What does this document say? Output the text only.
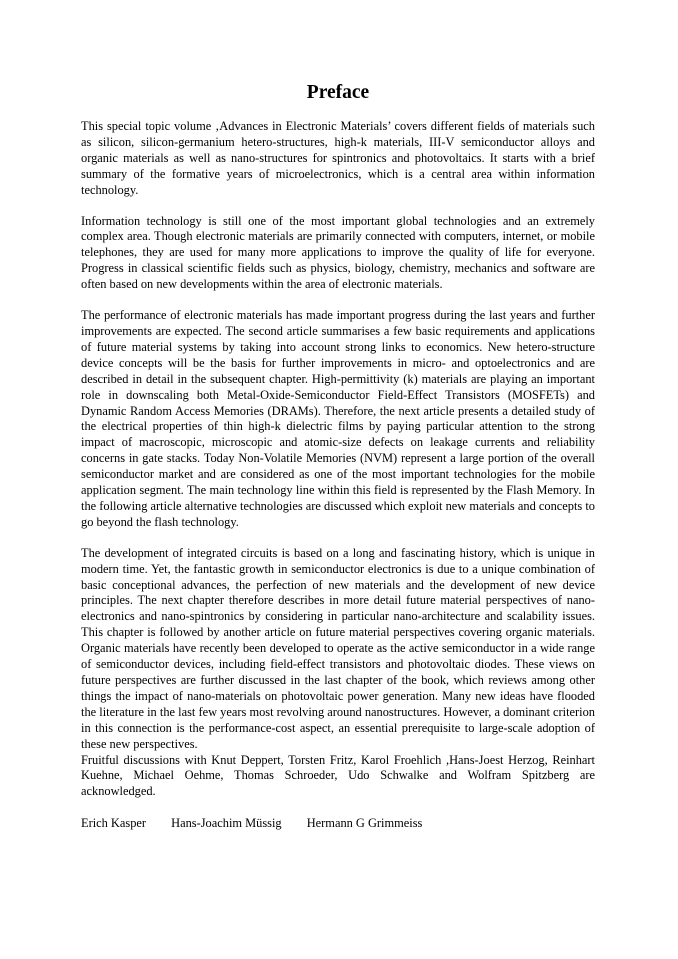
Preface

This special topic volume ‚Advances in Electronic Materials’ covers different fields of materials such as silicon, silicon-germanium hetero-structures, high-k materials, III-V semiconductor alloys and organic materials as well as nano-structures for spintronics and photovoltaics. It starts with a brief summary of the formative years of microelectronics, which is a central area within information technology.

Information technology is still one of the most important global technologies and an extremely complex area. Though electronic materials are primarily connected with computers, internet, or mobile telephones, they are used for many more applications to improve the quality of life for everyone. Progress in classical scientific fields such as physics, biology, chemistry, mechanics and software are often based on new developments within the area of electronic materials.

The performance of electronic materials has made important progress during the last years and further improvements are expected. The second article summarises a few basic requirements and applications of future material systems by taking into account strong links to economics. New hetero-structure device concepts will be the basis for further improvements in micro- and optoelectronics and are described in detail in the subsequent chapter. High-permittivity (k) materials are playing an important role in downscaling both Metal-Oxide-Semiconductor Field-Effect Transistors (MOSFETs) and Dynamic Random Access Memories (DRAMs). Therefore, the next article presents a detailed study of the electrical properties of thin high-k dielectric films by paying particular attention to the strong impact of macroscopic, microscopic and atomic-size defects on leakage currents and reliability concerns in gate stacks. Today Non-Volatile Memories (NVM) represent a large portion of the overall semiconductor market and are considered as one of the most important technologies for the mobile application segment. The main technology line within this field is represented by the Flash Memory. In the following article alternative technologies are discussed which exploit new materials and concepts to go beyond the flash technology.

The development of integrated circuits is based on a long and fascinating history, which is unique in modern time. Yet, the fantastic growth in semiconductor electronics is due to a unique combination of basic conceptional advances, the perfection of new materials and the development of new device principles. The next chapter therefore describes in more detail future material perspectives of nano-electronics and nano-spintronics by considering in particular nano-architecture and scalability issues. This chapter is followed by another article on future material perspectives covering organic materials. Organic materials have recently been developed to operate as the active semiconductor in a wide range of semiconductor devices, including field-effect transistors and photovoltaic diodes. These views on future perspectives are further discussed in the last chapter of the book, which reviews among other things the impact of nano-materials on photovoltaic power generation. Many new ideas have flooded the literature in the last few years most revolving around nanostructures. However, a dominant criterion in this connection is the performance-cost aspect, an essential prerequisite to large-scale adoption of these new perspectives.

Fruitful discussions with Knut Deppert, Torsten Fritz, Karol Froehlich ,Hans-Joest Herzog, Reinhart Kuehne, Michael Oehme, Thomas Schroeder, Udo Schwalke and Wolfram Spitzberg are acknowledged.

Erich Kasper Hans-Joachim Müssig Hermann G Grimmeiss
